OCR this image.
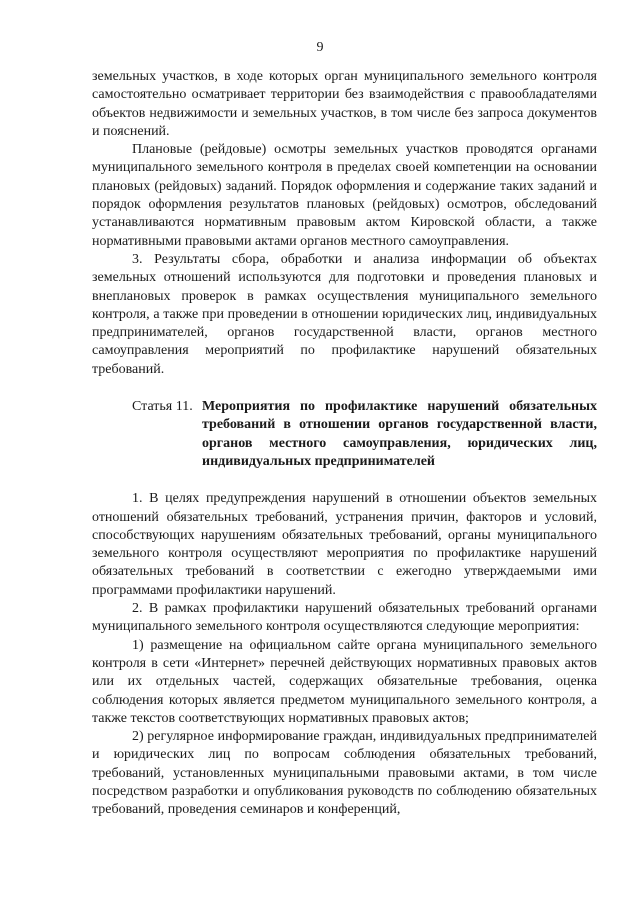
9

земельных участков, в ходе которых орган муниципального земельного контроля самостоятельно осматривает территории без взаимодействия с правообладателями объектов недвижимости и земельных участков, в том числе без запроса документов и пояснений.

Плановые (рейдовые) осмотры земельных участков проводятся органами муниципального земельного контроля в пределах своей компетенции на основании плановых (рейдовых) заданий. Порядок оформления и содержание таких заданий и порядок оформления результатов плановых (рейдовых) осмотров, обследований устанавливаются нормативным правовым актом Кировской области, а также нормативными правовыми актами органов местного самоуправления.

3. Результаты сбора, обработки и анализа информации об объектах земельных отношений используются для подготовки и проведения плановых и внеплановых проверок в рамках осуществления муниципального земельного контроля, а также при проведении в отношении юридических лиц, индивидуальных предпринимателей, органов государственной власти, органов местного самоуправления мероприятий по профилактике нарушений обязательных требований.

Статья 11. Мероприятия по профилактике нарушений обязательных требований в отношении органов государственной власти, органов местного самоуправления, юридических лиц, индивидуальных предпринимателей

1. В целях предупреждения нарушений в отношении объектов земельных отношений обязательных требований, устранения причин, факторов и условий, способствующих нарушениям обязательных требований, органы муниципального земельного контроля осуществляют мероприятия по профилактике нарушений обязательных требований в соответствии с ежегодно утверждаемыми ими программами профилактики нарушений.

2. В рамках профилактики нарушений обязательных требований органами муниципального земельного контроля осуществляются следующие мероприятия:

1) размещение на официальном сайте органа муниципального земельного контроля в сети «Интернет» перечней действующих нормативных правовых актов или их отдельных частей, содержащих обязательные требования, оценка соблюдения которых является предметом муниципального земельного контроля, а также текстов соответствующих нормативных правовых актов;

2) регулярное информирование граждан, индивидуальных предпринимателей и юридических лиц по вопросам соблюдения обязательных требований, требований, установленных муниципальными правовыми актами, в том числе посредством разработки и опубликования руководств по соблюдению обязательных требований, проведения семинаров и конференций,
